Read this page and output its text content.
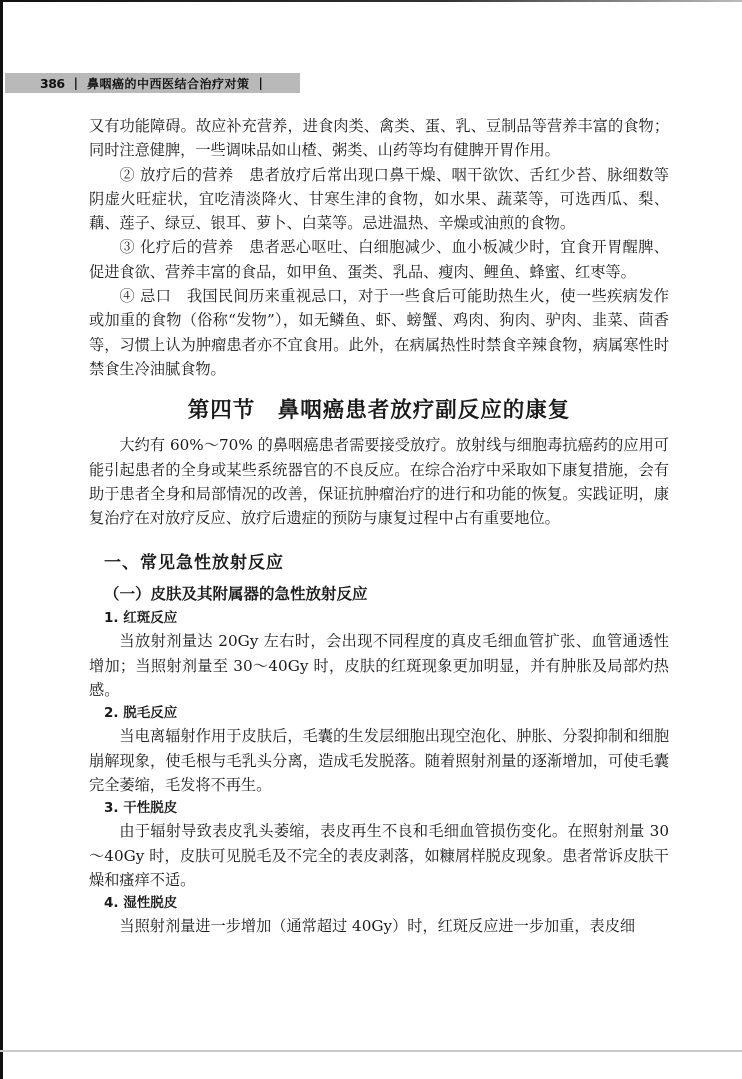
386 | 鼻咽癌的中西医结合治疗对策 |

又有功能障碍。故应补充营养，进食肉类、禽类、蛋、乳、豆制品等营养丰富的食物；同时注意健脾，一些调味品如山楂、粥类、山药等均有健脾开胃作用。

② 放疗后的营养　患者放疗后常出现口鼻干燥、咽干欲饮、舌红少苔、脉细数等阴虚火旺症状，宜吃清淡降火、甘寒生津的食物，如水果、蔬菜等，可选西瓜、梨、藕、莲子、绿豆、银耳、萝卜、白菜等。忌进温热、辛燥或油煎的食物。

③ 化疗后的营养　患者恶心呕吐、白细胞减少、血小板减少时，宜食开胃醒脾、促进食欲、营养丰富的食品，如甲鱼、蛋类、乳品、瘦肉、鲤鱼、蜂蜜、红枣等。

④ 忌口　我国民间历来重视忌口，对于一些食后可能助热生火，使一些疾病发作或加重的食物（俗称“发物”），如无鳞鱼、虾、螃蟹、鸡肉、狗肉、驴肉、韭菜、茴香等，习惯上认为肿瘤患者亦不宜食用。此外，在病属热性时禁食辛辣食物，病属寒性时禁食生冷油腻食物。

第四节　鼻咽癌患者放疗副反应的康复

大约有 60%～70% 的鼻咽癌患者需要接受放疗。放射线与细胞毒抗癌药的应用可能引起患者的全身或某些系统器官的不良反应。在综合治疗中采取如下康复措施，会有助于患者全身和局部情况的改善，保证抗肿瘤治疗的进行和功能的恢复。实践证明，康复治疗在对放疗反应、放疗后遗症的预防与康复过程中占有重要地位。

一、常见急性放射反应
（一）皮肤及其附属器的急性放射反应
1. 红斑反应

当放射剂量达 20Gy 左右时，会出现不同程度的真皮毛细血管扩张、血管通透性增加；当照射剂量至 30～40Gy 时，皮肤的红斑现象更加明显，并有肿胀及局部灼热感。

2. 脱毛反应

当电离辐射作用于皮肤后，毛囊的生发层细胞出现空泡化、肿胀、分裂抑制和细胞崩解现象，使毛根与毛乳头分离，造成毛发脱落。随着照射剂量的逐渐增加，可使毛囊完全萎缩，毛发将不再生。

3. 干性脱皮

由于辐射导致表皮乳头萎缩，表皮再生不良和毛细血管损伤变化。在照射剂量 30～40Gy 时，皮肤可见脱毛及不完全的表皮剥落，如糠屑样脱皮现象。患者常诉皮肤干燥和瘙痒不适。

4. 湿性脱皮

当照射剂量进一步增加（通常超过 40Gy）时，红斑反应进一步加重，表皮细
